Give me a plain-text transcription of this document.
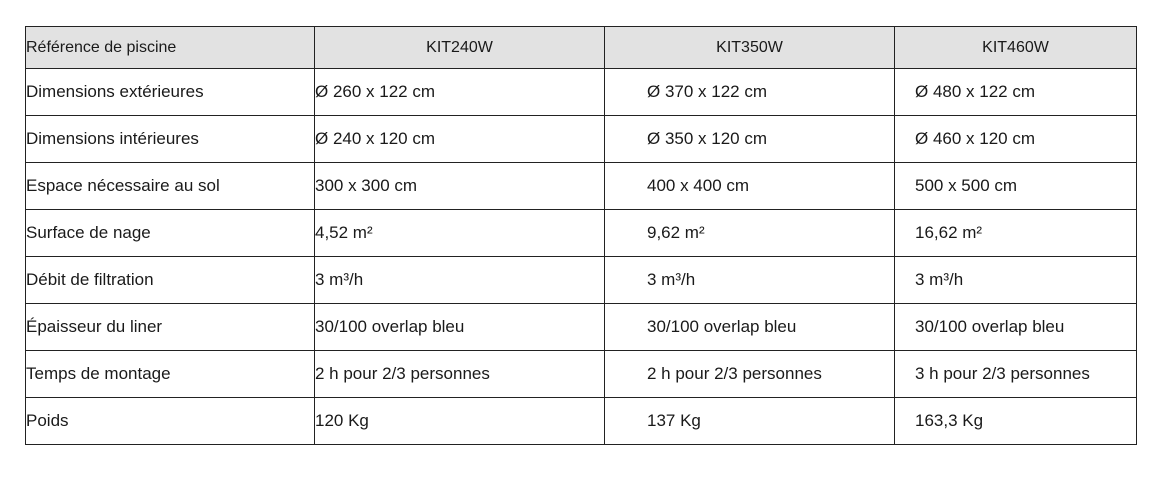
Référence de piscine	KIT240W	KIT350W	KIT460W
Dimensions extérieures	Ø 260 x 122 cm	Ø 370 x 122 cm	Ø 480 x 122 cm
Dimensions intérieures	Ø 240 x 120 cm	Ø 350 x 120 cm	Ø 460 x 120 cm
Espace nécessaire au sol	300 x 300 cm	400 x 400 cm	500 x 500 cm
Surface de nage	4,52 m²	9,62 m²	16,62 m²
Débit de filtration	3 m³/h	3 m³/h	3 m³/h
Épaisseur du liner	30/100 overlap bleu	30/100 overlap bleu	30/100 overlap bleu
Temps de montage	2 h pour 2/3 personnes	2 h pour 2/3 personnes	3 h pour 2/3 personnes
Poids	120 Kg	137 Kg	163,3 Kg
